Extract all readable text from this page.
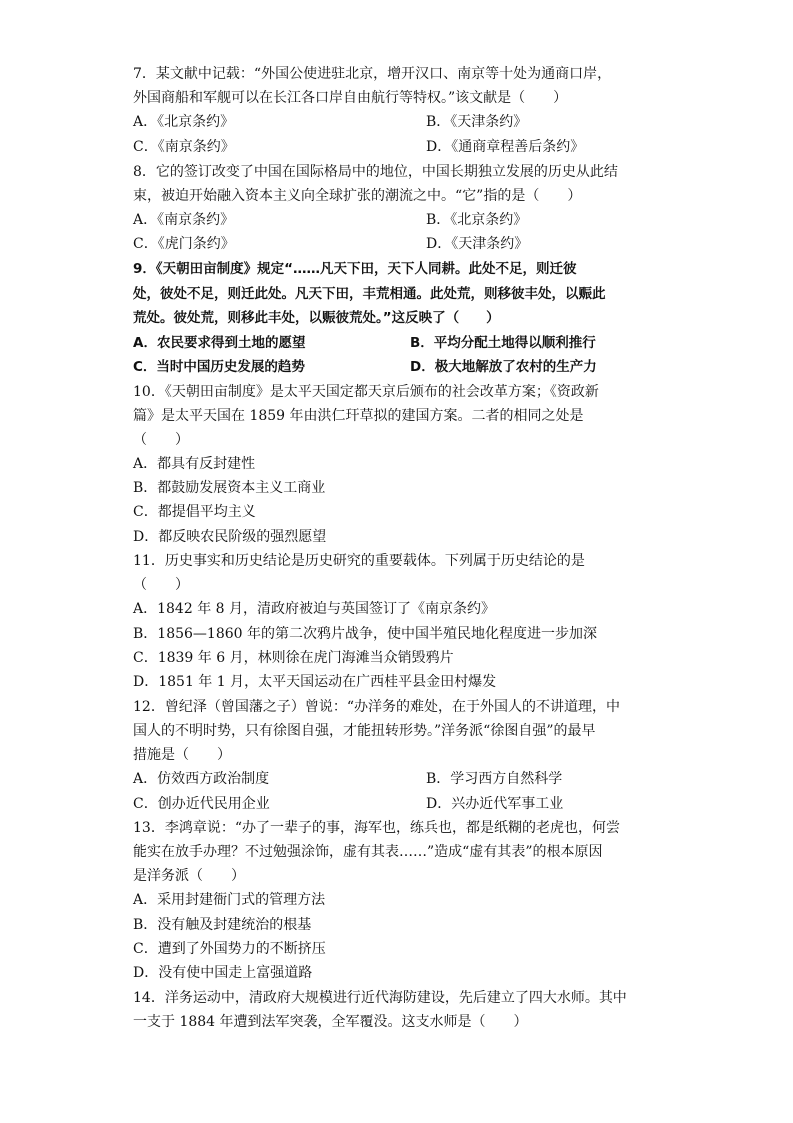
7．某文献中记载：“外国公使进驻北京，增开汉口、南京等十处为通商口岸，
外国商船和军舰可以在长江各口岸自由航行等特权。”该文献是（　　）
A．《北京条约》	B．《天津条约》
C．《南京条约》	D．《通商章程善后条约》
8．它的签订改变了中国在国际格局中的地位，中国长期独立发展的历史从此结
束，被迫开始融入资本主义向全球扩张的潮流之中。“它”指的是（　　）
A．《南京条约》	B．《北京条约》
C．《虎门条约》	D．《天津条约》
9．《天朝田亩制度》规定“……凡天下田，天下人同耕。此处不足，则迁彼
处，彼处不足，则迁此处。凡天下田，丰荒相通。此处荒，则移彼丰处，以赈此
荒处。彼处荒，则移此丰处，以赈彼荒处。”这反映了（　　）
A．农民要求得到土地的愿望	B．平均分配土地得以顺利推行
C．当时中国历史发展的趋势	D．极大地解放了农村的生产力
10．《天朝田亩制度》是太平天国定都天京后颁布的社会改革方案；《资政新
篇》是太平天国在 1859 年由洪仁玕草拟的建国方案。二者的相同之处是
（　　）
A．都具有反封建性
B．都鼓励发展资本主义工商业
C．都提倡平均主义
D．都反映农民阶级的强烈愿望
11．历史事实和历史结论是历史研究的重要载体。下列属于历史结论的是
（　　）
A．1842 年 8 月，清政府被迫与英国签订了《南京条约》
B．1856—1860 年的第二次鸦片战争，使中国半殖民地化程度进一步加深
C．1839 年 6 月，林则徐在虎门海滩当众销毁鸦片
D．1851 年 1 月，太平天国运动在广西桂平县金田村爆发
12．曾纪泽（曾国藩之子）曾说：“办洋务的难处，在于外国人的不讲道理，中
国人的不明时势，只有徐图自强，才能扭转形势。”洋务派“徐图自强”的最早
措施是（　　）
A．仿效西方政治制度	B．学习西方自然科学
C．创办近代民用企业	D．兴办近代军事工业
13．李鸿章说：“办了一辈子的事，海军也，练兵也，都是纸糊的老虎也，何尝
能实在放手办理？不过勉强涂饰，虚有其表……”造成“虚有其表”的根本原因
是洋务派（　　）
A．采用封建衙门式的管理方法
B．没有触及封建统治的根基
C．遭到了外国势力的不断挤压
D．没有使中国走上富强道路
14．洋务运动中，清政府大规模进行近代海防建设，先后建立了四大水师。其中
一支于 1884 年遭到法军突袭，全军覆没。这支水师是（　　）
